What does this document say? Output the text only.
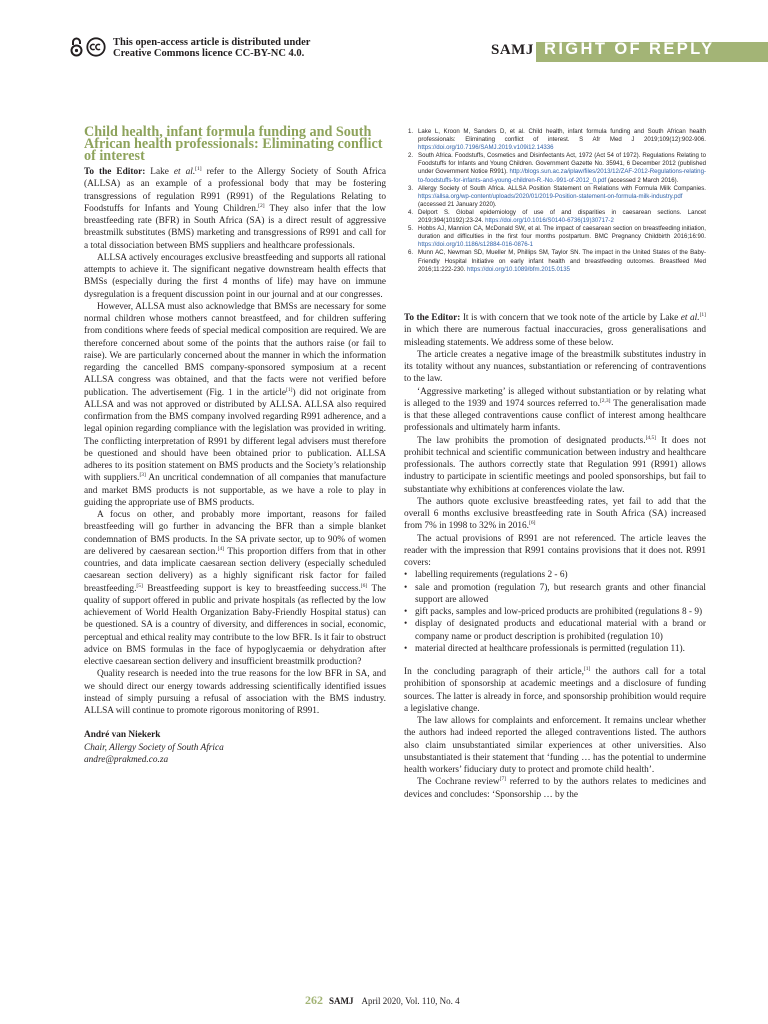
This open-access article is distributed under
Creative Commons licence CC-BY-NC 4.0.	SAMJ RIGHT OF REPLY
Child health, infant formula funding and South African health professionals: Eliminating conflict of interest

To the Editor: Lake et al.[1] refer to the Allergy Society of South Africa (ALLSA) as an example of a professional body that may be fostering transgressions of regulation R991 (R991) of the Regulations Relating to Foodstuffs for Infants and Young Children.[2] They also infer that the low breastfeeding rate (BFR) in South Africa (SA) is a direct result of aggressive breastmilk substitutes (BMS) marketing and transgressions of R991 and call for a total dissociation between BMS suppliers and healthcare professionals.

ALLSA actively encourages exclusive breastfeeding and supports all rational attempts to achieve it. The significant negative downstream health effects that BMSs (especially during the first 4 months of life) may have on immune dysregulation is a frequent discussion point in our journal and at our congresses.

However, ALLSA must also acknowledge that BMSs are necessary for some normal children whose mothers cannot breastfeed, and for children suffering from conditions where feeds of special medical composition are required. We are therefore concerned about some of the points that the authors raise (or fail to raise). We are particularly concerned about the manner in which the information regarding the cancelled BMS company-sponsored symposium at a recent ALLSA congress was obtained, and that the facts were not verified before publication. The advertisement (Fig. 1 in the article[1]) did not originate from ALLSA and was not approved or distributed by ALLSA. ALLSA also required confirmation from the BMS company involved regarding R991 adherence, and a legal opinion regarding compliance with the legislation was provided in writing. The conflicting interpretation of R991 by different legal advisers must therefore be questioned and should have been obtained prior to publication. ALLSA adheres to its position statement on BMS products and the Society’s relationship with suppliers.[3] An uncritical condemnation of all companies that manufacture and market BMS products is not supportable, as we have a role to play in guiding the appropriate use of BMS products.

A focus on other, and probably more important, reasons for failed breastfeeding will go further in advancing the BFR than a simple blanket condemnation of BMS products. In the SA private sector, up to 90% of women are delivered by caesarean section.[4] This proportion differs from that in other countries, and data implicate caesarean section delivery (especially scheduled caesarean section delivery) as a highly significant risk factor for failed breastfeeding.[5] Breastfeeding support is key to breastfeeding success.[6] The quality of support offered in public and private hospitals (as reflected by the low achievement of World Health Organization Baby-Friendly Hospital status) can be questioned. SA is a country of diversity, and differences in social, economic, perceptual and ethical reality may contribute to the low BFR. Is it fair to obstruct advice on BMS formulas in the face of hypoglycaemia or dehydration after elective caesarean section delivery and insufficient breastmilk production?

Quality research is needed into the true reasons for the low BFR in SA, and we should direct our energy towards addressing scientifically identified issues instead of simply pursuing a refusal of association with the BMS industry. ALLSA will continue to promote rigorous monitoring of R991.

André van Niekerk
Chair, Allergy Society of South Africa
andre@prakmed.co.za
1. Lake L, Kroon M, Sanders D, et al. Child health, infant formula funding and South African health professionals: Eliminating conflict of interest. S Afr Med J 2019;109(12):902-906. https://doi.org/10.7196/SAMJ.2019.v109i12.14336
2. South Africa. Foodstuffs, Cosmetics and Disinfectants Act, 1972 (Act 54 of 1972). Regulations Relating to Foodstuffs for Infants and Young Children. Government Gazette No. 35941, 6 December 2012 (published under Government Notice R991). http://blogs.sun.ac.za/iplaw/files/2013/12/ZAF-2012-Regulations-relating-to-foodstuffs-for-infants-and-young-children-R.-No.-991-of-2012_0.pdf (accessed 2 March 2016).
3. Allergy Society of South Africa. ALLSA Position Statement on Relations with Formula Milk Companies. https://allsa.org/wp-content/uploads/2020/01/2019-Position-statement-on-formula-milk-industry.pdf (accessed 21 January 2020).
4. Delport S. Global epidemiology of use of and disparities in caesarean sections. Lancet 2019;394(10192):23-24. https://doi.org/10.1016/S0140-6736(19)30717-2
5. Hobbs AJ, Mannion CA, McDonald SW, et al. The impact of caesarean section on breastfeeding initiation, duration and difficulties in the first four months postpartum. BMC Pregnancy Childbirth 2016;16:90. https://doi.org/10.1186/s12884-016-0876-1
6. Munn AC, Newman SD, Mueller M, Phillips SM, Taylor SN. The impact in the United States of the Baby-Friendly Hospital Initiative on early infant health and breastfeeding outcomes. Breastfeed Med 2016;11:222-230. https://doi.org/10.1089/bfm.2015.0135

To the Editor: It is with concern that we took note of the article by Lake et al.[1] in which there are numerous factual inaccuracies, gross generalisations and misleading statements. We address some of these below.

The article creates a negative image of the breastmilk substitutes industry in its totality without any nuances, substantiation or referencing of contraventions to the law.

‘Aggressive marketing’ is alleged without substantiation or by relating what is alleged to the 1939 and 1974 sources referred to.[2,3] The generalisation made is that these alleged contraventions cause conflict of interest among healthcare professionals and ultimately harm infants.

The law prohibits the promotion of designated products.[4,5] It does not prohibit technical and scientific communication between industry and healthcare professionals. The authors correctly state that Regulation 991 (R991) allows industry to participate in scientific meetings and pooled sponsorships, but fail to substantiate why exhibitions at conferences violate the law.

The authors quote exclusive breastfeeding rates, yet fail to add that the overall 6 months exclusive breastfeeding rate in South Africa (SA) increased from 7% in 1998 to 32% in 2016.[6]

The actual provisions of R991 are not referenced. The article leaves the reader with the impression that R991 contains provisions that it does not. R991 covers:

• labelling requirements (regulations 2 - 6)
• sale and promotion (regulation 7), but research grants and other financial support are allowed
• gift packs, samples and low-priced products are prohibited (regulations 8 - 9)
• display of designated products and educational material with a brand or company name or product description is prohibited (regulation 10)
• material directed at healthcare professionals is permitted (regulation 11).

In the concluding paragraph of their article,[1] the authors call for a total prohibition of sponsorship at academic meetings and a disclosure of funding sources. The latter is already in force, and sponsorship prohibition would require a legislative change.

The law allows for complaints and enforcement. It remains unclear whether the authors had indeed reported the alleged contraventions listed. The authors also claim unsubstantiated similar experiences at other universities. Also unsubstantiated is their statement that ‘funding … has the potential to undermine health workers’ fiduciary duty to protect and promote child health’.

The Cochrane review[7] referred to by the authors relates to medicines and devices and concludes: ‘Sponsorship … by the

262 SAMJ April 2020, Vol. 110, No. 4
